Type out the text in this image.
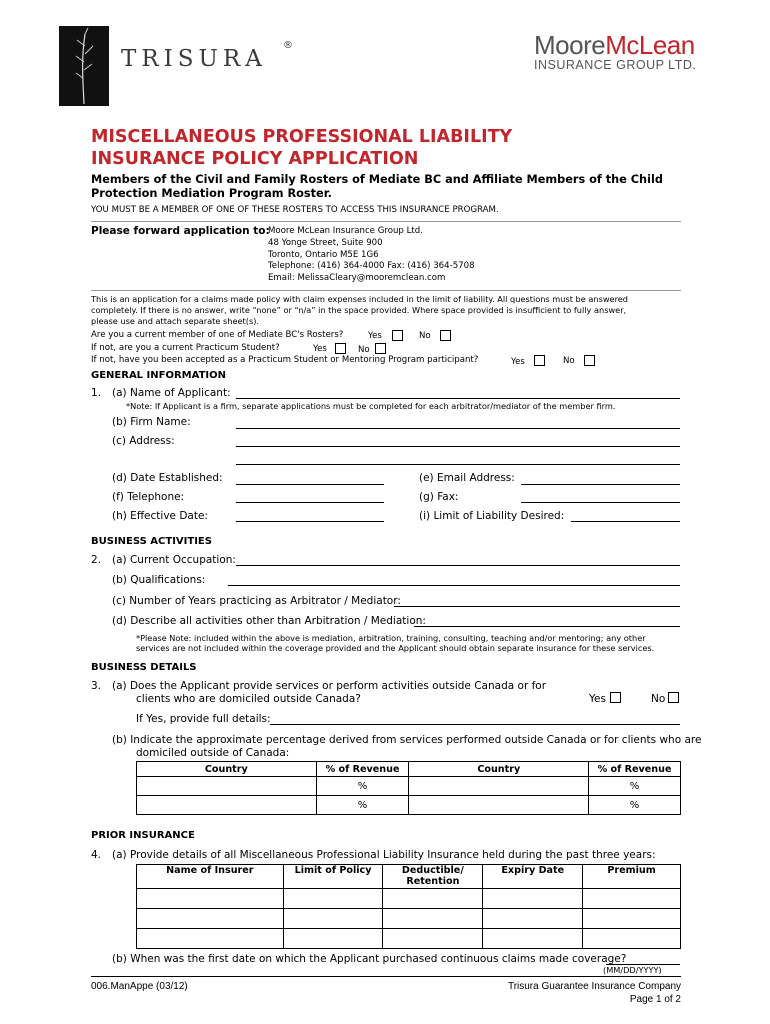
TRISURA
®	MooreMcLean
INSURANCE GROUP LTD.
MISCELLANEOUS PROFESSIONAL LIABILITY
INSURANCE POLICY APPLICATION
Members of the Civil and Family Rosters of Mediate BC and Affiliate Members of the Child
Protection Mediation Program Roster.
YOU MUST BE A MEMBER OF ONE OF THESE ROSTERS TO ACCESS THIS INSURANCE PROGRAM.
Please forward application to:
Moore McLean Insurance Group Ltd.
48 Yonge Street, Suite 900
Toronto, Ontario M5E 1G6
Telephone: (416) 364-4000 Fax: (416) 364-5708
Email: MelissaCleary@mooremclean.com
This is an application for a claims made policy with claim expenses included in the limit of liability. All questions must be answered
completely. If there is no answer, write “none” or “n/a” in the space provided. Where space provided is insufficient to fully answer,
please use and attach separate sheet(s).
Are you a current member of one of Mediate BC's Rosters?	Yes	No
If not, are you a current Practicum Student?	Yes	No
If not, have you been accepted as a Practicum Student or Mentoring Program participant?	Yes	No
GENERAL INFORMATION
1. (a) Name of Applicant:
*Note: If Applicant is a firm, separate applications must be completed for each arbitrator/mediator of the member firm.
(b) Firm Name:
(c) Address:
(d) Date Established:	(e) Email Address:
(f) Telephone:	(g) Fax:
(h) Effective Date:	(i) Limit of Liability Desired:
BUSINESS ACTIVITIES
2. (a) Current Occupation:
(b) Qualifications:
(c) Number of Years practicing as Arbitrator / Mediator:
(d) Describe all activities other than Arbitration / Mediation:
*Please Note: included within the above is mediation, arbitration, training, consulting, teaching and/or mentoring; any other
services are not included within the coverage provided and the Applicant should obtain separate insurance for these services.
BUSINESS DETAILS
3. (a) Does the Applicant provide services or perform activities outside Canada or for
clients who are domiciled outside Canada?	Yes	No
If Yes, provide full details:
(b) Indicate the approximate percentage derived from services performed outside Canada or for clients who are
domiciled outside of Canada:
Country	% of Revenue	Country	% of Revenue
	%		%
	%		%
PRIOR INSURANCE
4. (a) Provide details of all Miscellaneous Professional Liability Insurance held during the past three years:
Name of Insurer	Limit of Policy	Deductible/
Retention	Expiry Date	Premium

(b) When was the first date on which the Applicant purchased continuous claims made coverage?
(MM/DD/YYYY)
006.ManAppe (03/12)	Trisura Guarantee Insurance Company
Page 1 of 2
